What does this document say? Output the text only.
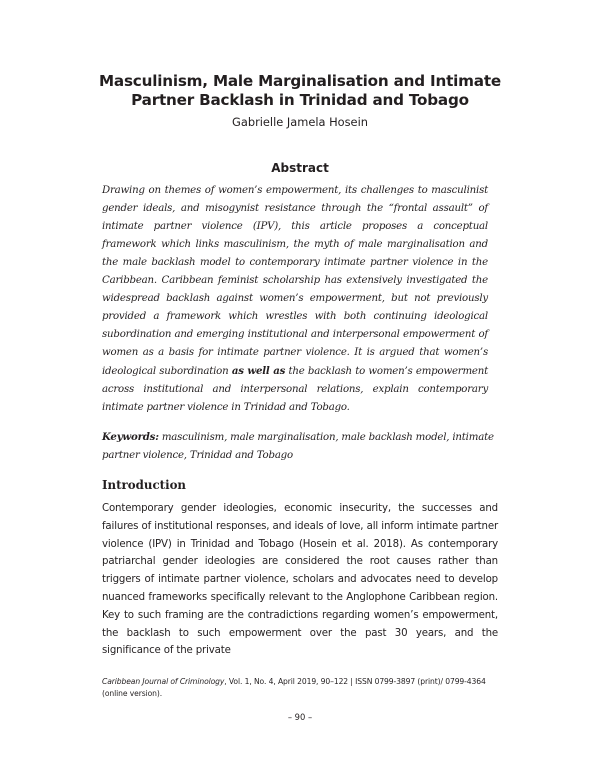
Masculinism, Male Marginalisation and Intimate Partner Backlash in Trinidad and Tobago
Gabrielle Jamela Hosein
Abstract
Drawing on themes of women’s empowerment, its challenges to masculinist gender ideals, and misogynist resistance through the “frontal assault” of intimate partner violence (IPV), this article proposes a conceptual framework which links masculinism, the myth of male marginalisation and the male backlash model to contemporary intimate partner violence in the Caribbean. Caribbean feminist scholarship has extensively investigated the widespread backlash against women’s empowerment, but not previously provided a framework which wrestles with both continuing ideological subordination and emerging institutional and interpersonal empowerment of women as a basis for intimate partner violence. It is argued that women’s ideological subordination as well as the backlash to women’s empowerment across institutional and interpersonal relations, explain contemporary intimate partner violence in Trinidad and Tobago.
Keywords: masculinism, male marginalisation, male backlash model, intimate partner violence, Trinidad and Tobago
Introduction
Contemporary gender ideologies, economic insecurity, the successes and failures of institutional responses, and ideals of love, all inform intimate partner violence (IPV) in Trinidad and Tobago (Hosein et al. 2018). As contemporary patriarchal gender ideologies are considered the root causes rather than triggers of intimate partner violence, scholars and advocates need to develop nuanced frameworks specifically relevant to the Anglophone Caribbean region. Key to such framing are the contradictions regarding women’s empowerment, the backlash to such empowerment over the past 30 years, and the significance of the private
Caribbean Journal of Criminology, Vol. 1, No. 4, April 2019, 90–122 | ISSN 0799-3897 (print)/ 0799-4364 (online version).
– 90 –
